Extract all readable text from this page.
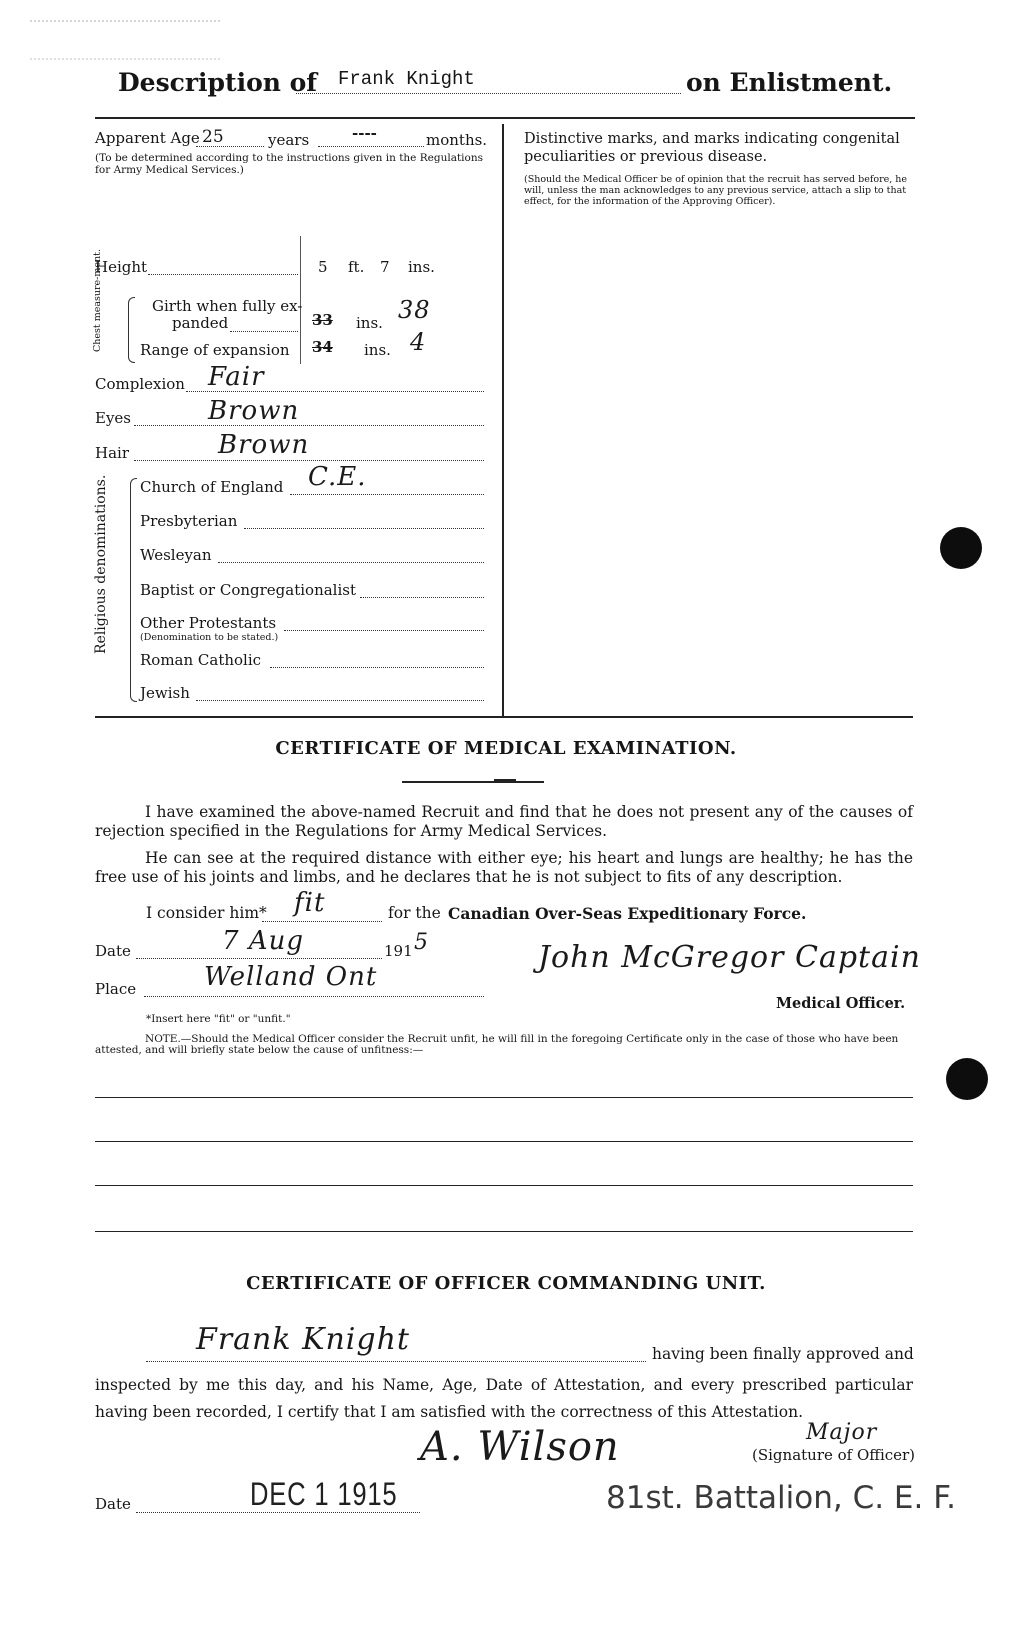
Description of Frank Knight	on Enlistment.
Apparent Age 25	years	----	months.
(To be determined according to the instructions given in the Regulations for Army Medical Services.)
Height	5 ft. 7 ins.
Chest measure-ment.	Girth when fully ex-
panded	33 ins. 38
Range of expansion 34 ins. 4
Complexion Fair
Eyes	Brown
Hair	Brown
Religious denominations. Church of England C.E.
Presbyterian
Wesleyan
Baptist or Congregationalist
Other Protestants
(Denomination to be stated.)
Roman Catholic
Jewish
Distinctive marks, and marks indicating congenital peculiarities or previous disease.
(Should the Medical Officer be of opinion that the recruit has served before, he will, unless the man acknowledges to any previous service, attach a slip to that effect, for the information of the Approving Officer).
CERTIFICATE OF MEDICAL EXAMINATION.

I have examined the above-named Recruit and find that he does not present any of the causes of rejection specified in the Regulations for Army Medical Services.

He can see at the required distance with either eye; his heart and lungs are healthy; he has the free use of his joints and limbs, and he declares that he is not subject to fits of any description.

I consider him* fit	for the Canadian Over-Seas Expeditionary Force.
Date	7 Aug	191 5
Place	Welland Ont
John McGregor Captain
Medical Officer.
*Insert here "fit" or "unfit."
NOTE.—Should the Medical Officer consider the Recruit unfit, he will fill in the foregoing Certificate only in the case of those who have been attested, and will briefly state below the cause of unfitness:—
CERTIFICATE OF OFFICER COMMANDING UNIT.
Frank Knight	having been finally approved and

inspected by me this day, and his Name, Age, Date of Attestation, and every prescribed particular having been recorded, I certify that I am satisfied with the correctness of this Attestation.

A. Wilson	Major
(Signature of Officer)
Date	DEC 1 1915	81st. Battalion, C. E. F.
